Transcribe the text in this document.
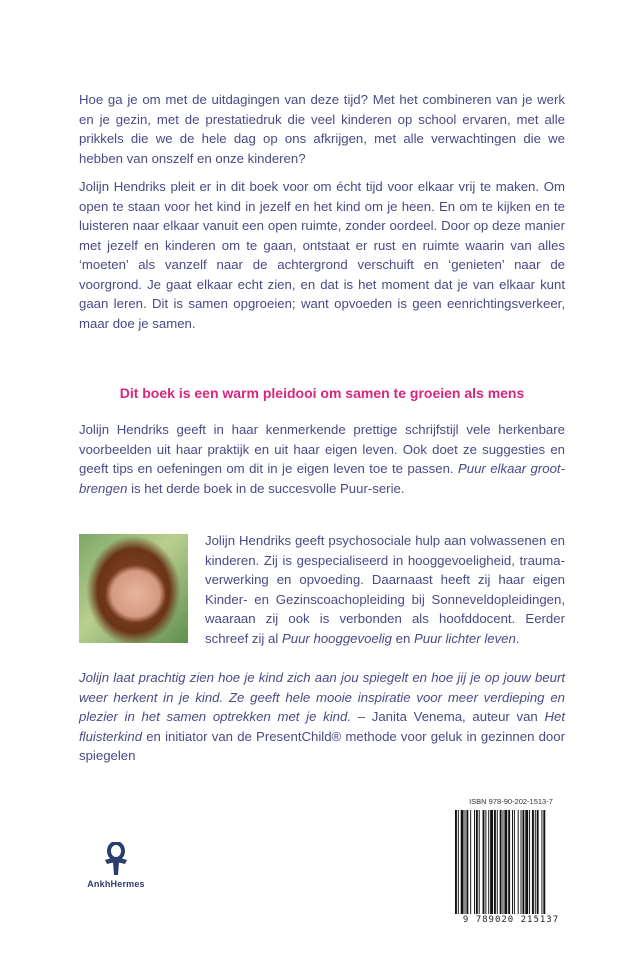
Hoe ga je om met de uitdagingen van deze tijd? Met het combineren van je werk en je gezin, met de prestatiedruk die veel kinderen op school ervaren, met alle prikkels die we de hele dag op ons afkrijgen, met alle verwachtingen die we hebben van onszelf en onze kinderen?

Jolijn Hendriks pleit er in dit boek voor om écht tijd voor elkaar vrij te maken. Om open te staan voor het kind in jezelf en het kind om je heen. En om te kijken en te luisteren naar elkaar vanuit een open ruimte, zonder oordeel. Door op deze manier met jezelf en kinderen om te gaan, ontstaat er rust en ruimte waarin van alles ‘moeten’ als vanzelf naar de achtergrond verschuift en ‘genieten’ naar de voorgrond. Je gaat elkaar echt zien, en dat is het moment dat je van elkaar kunt gaan leren. Dit is samen opgroeien; want opvoeden is geen eenrichtingsverkeer, maar doe je samen.

Dit boek is een warm pleidooi om samen te groeien als mens

Jolijn Hendriks geeft in haar kenmerkende prettige schrijfstijl vele herkenbare voorbeelden uit haar praktijk en uit haar eigen leven. Ook doet ze suggesties en geeft tips en oefeningen om dit in je eigen leven toe te passen. Puur elkaar grootbrengen is het derde boek in de succesvolle Puur-serie.

Jolijn Hendriks geeft psychosociale hulp aan volwassenen en kinderen. Zij is gespecialiseerd in hooggevoeligheid, traumaverwerking en opvoeding. Daarnaast heeft zij haar eigen Kinder- en Gezinscoachopleiding bij Sonneveldopleidingen, waaraan zij ook is verbonden als hoofddocent. Eerder schreef zij al Puur hooggevoelig en Puur lichter leven.

Jolijn laat prachtig zien hoe je kind zich aan jou spiegelt en hoe jij je op jouw beurt weer herkent in je kind. Ze geeft hele mooie inspiratie voor meer verdieping en plezier in het samen optrekken met je kind. – Janita Venema, auteur van Het fluisterkind en initiator van de PresentChild® methode voor geluk in gezinnen door spiegelen

AnkhHermes
ISBN 978-90-202-1513-7
9 789020 215137
